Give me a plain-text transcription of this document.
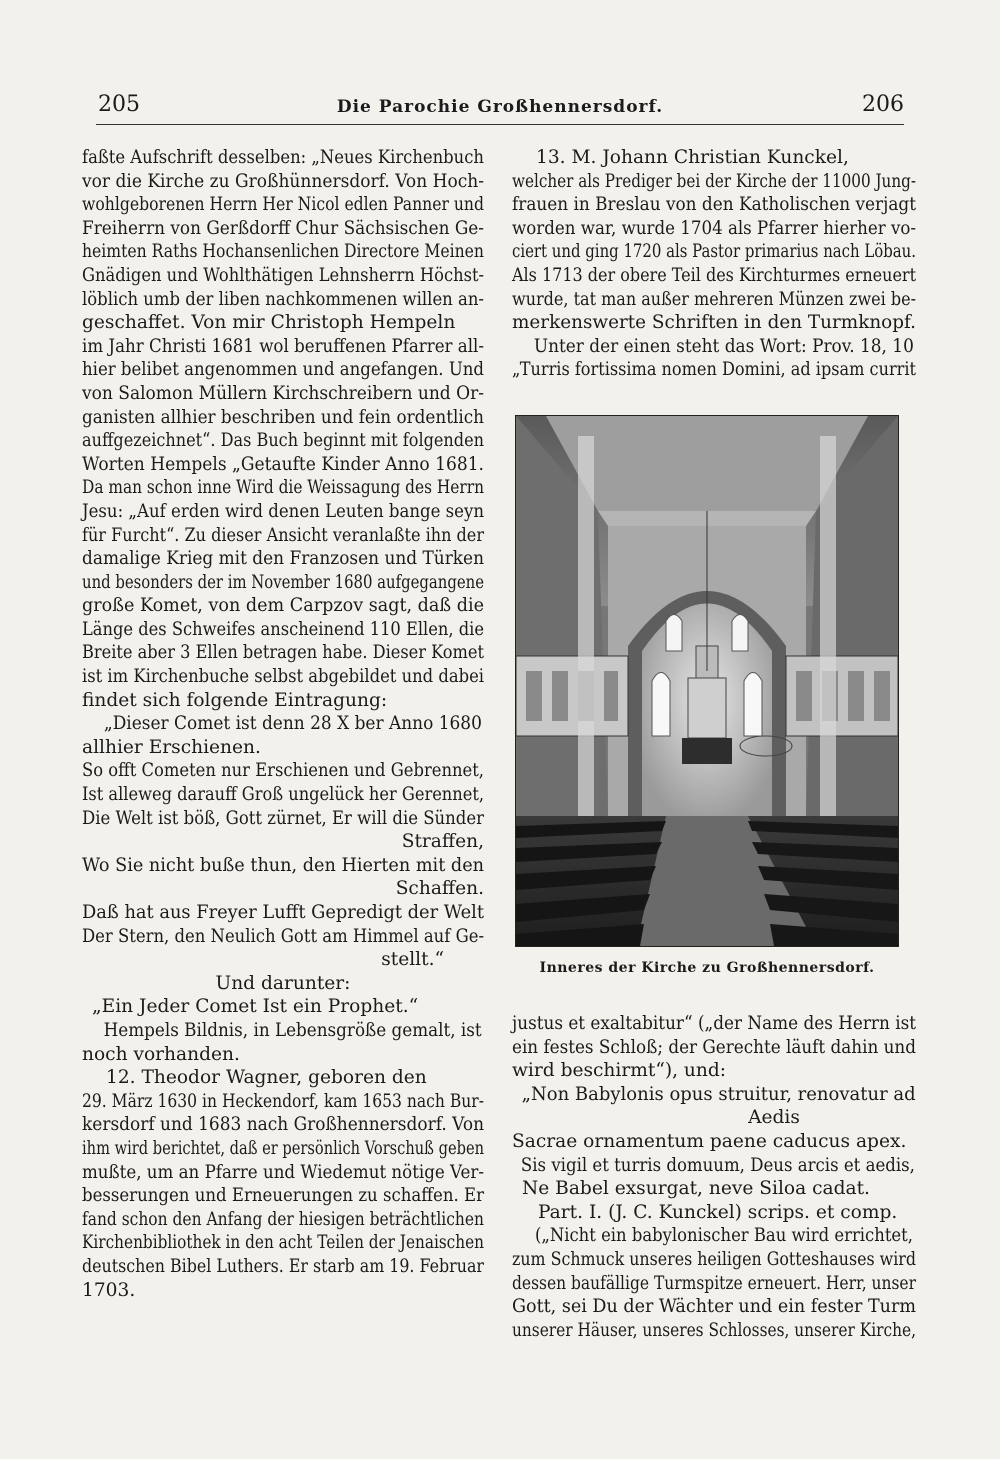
205	Die Parochie Großhennersdorf.	206
faßte Aufschrift desselben: „Neues Kirchenbuch
vor die Kirche zu Großhünnersdorf. Von Hoch-
wohlgeborenen Herrn Her Nicol edlen Panner und
Freiherrn von Gerßdorff Chur Sächsischen Ge-
heimten Raths Hochansenlichen Directore Meinen
Gnädigen und Wohlthätigen Lehnsherrn Höchst-
löblich umb der liben nachkommenen willen an-
geschaffet. Von mir Christoph Hempeln
im Jahr Christi 1681 wol beruffenen Pfarrer all-
hier belibet angenommen und angefangen. Und
von Salomon Müllern Kirchschreibern und Or-
ganisten allhier beschriben und fein ordentlich
auffgezeichnet“. Das Buch beginnt mit folgenden
Worten Hempels „Getaufte Kinder Anno 1681.
Da man schon inne Wird die Weissagung des Herrn
Jesu: „Auf erden wird denen Leuten bange seyn
für Furcht“. Zu dieser Ansicht veranlaßte ihn der
damalige Krieg mit den Franzosen und Türken
und besonders der im November 1680 aufgegangene
große Komet, von dem Carpzov sagt, daß die
Länge des Schweifes anscheinend 110 Ellen, die
Breite aber 3 Ellen betragen habe. Dieser Komet
ist im Kirchenbuche selbst abgebildet und dabei
findet sich folgende Eintragung:
„Dieser Comet ist denn 28 X ber Anno 1680
allhier Erschienen.
So offt Cometen nur Erschienen und Gebrennet,
Ist alleweg darauff Groß ungelück her Gerennet,
Die Welt ist böß, Gott zürnet, Er will die Sünder
Straffen,
Wo Sie nicht buße thun, den Hierten mit den
Schaffen.
Daß hat aus Freyer Lufft Gepredigt der Welt
Der Stern, den Neulich Gott am Himmel auf Ge-
stellt.“
Und darunter:
„Ein Jeder Comet Ist ein Prophet.“
Hempels Bildnis, in Lebensgröße gemalt, ist
noch vorhanden.
12. Theodor Wagner, geboren den
29. März 1630 in Heckendorf, kam 1653 nach Bur-
kersdorf und 1683 nach Großhennersdorf. Von
ihm wird berichtet, daß er persönlich Vorschuß geben
mußte, um an Pfarre und Wiedemut nötige Ver-
besserungen und Erneuerungen zu schaffen. Er
fand schon den Anfang der hiesigen beträchtlichen
Kirchenbibliothek in den acht Teilen der Jenaischen
deutschen Bibel Luthers. Er starb am 19. Februar
1703.
13. M. Johann Christian Kunckel,
welcher als Prediger bei der Kirche der 11000 Jung-
frauen in Breslau von den Katholischen verjagt
worden war, wurde 1704 als Pfarrer hierher vo-
ciert und ging 1720 als Pastor primarius nach Löbau.
Als 1713 der obere Teil des Kirchturmes erneuert
wurde, tat man außer mehreren Münzen zwei be-
merkenswerte Schriften in den Turmknopf.
Unter der einen steht das Wort: Prov. 18, 10
„Turris fortissima nomen Domini, ad ipsam currit
Inneres der Kirche zu Großhennersdorf.
justus et exaltabitur“ („der Name des Herrn ist
ein festes Schloß; der Gerechte läuft dahin und
wird beschirmt“), und:
„Non Babylonis opus struitur, renovatur ad
Aedis
Sacrae ornamentum paene caducus apex.
Sis vigil et turris domuum, Deus arcis et aedis,
Ne Babel exsurgat, neve Siloa cadat.
Part. I. (J. C. Kunckel) scrips. et comp.
(„Nicht ein babylonischer Bau wird errichtet,
zum Schmuck unseres heiligen Gotteshauses wird
dessen baufällige Turmspitze erneuert. Herr, unser
Gott, sei Du der Wächter und ein fester Turm
unserer Häuser, unseres Schlosses, unserer Kirche,
